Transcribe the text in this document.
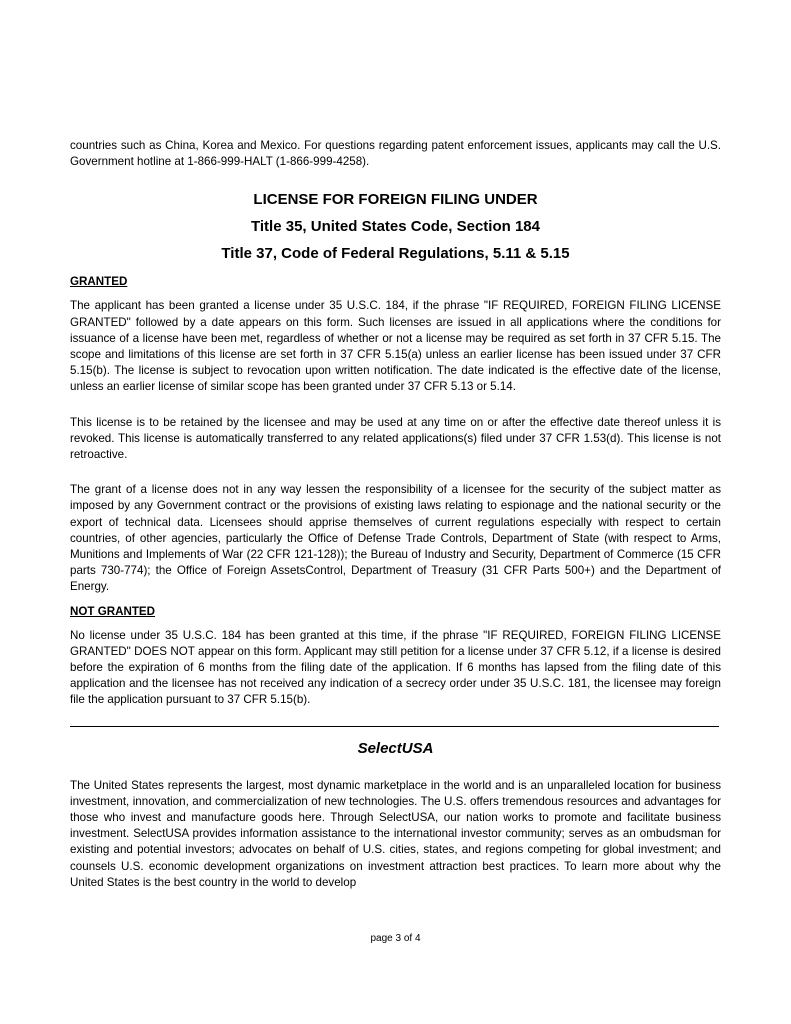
countries such as China, Korea and Mexico. For questions regarding patent enforcement issues, applicants may call the U.S. Government hotline at 1-866-999-HALT (1-866-999-4258).

LICENSE FOR FOREIGN FILING UNDER
Title 35, United States Code, Section 184
Title 37, Code of Federal Regulations, 5.11 & 5.15
GRANTED

The applicant has been granted a license under 35 U.S.C. 184, if the phrase "IF REQUIRED, FOREIGN FILING LICENSE GRANTED" followed by a date appears on this form. Such licenses are issued in all applications where the conditions for issuance of a license have been met, regardless of whether or not a license may be required as set forth in 37 CFR 5.15. The scope and limitations of this license are set forth in 37 CFR 5.15(a) unless an earlier license has been issued under 37 CFR 5.15(b). The license is subject to revocation upon written notification. The date indicated is the effective date of the license, unless an earlier license of similar scope has been granted under 37 CFR 5.13 or 5.14.

This license is to be retained by the licensee and may be used at any time on or after the effective date thereof unless it is revoked. This license is automatically transferred to any related applications(s) filed under 37 CFR 1.53(d). This license is not retroactive.

The grant of a license does not in any way lessen the responsibility of a licensee for the security of the subject matter as imposed by any Government contract or the provisions of existing laws relating to espionage and the national security or the export of technical data. Licensees should apprise themselves of current regulations especially with respect to certain countries, of other agencies, particularly the Office of Defense Trade Controls, Department of State (with respect to Arms, Munitions and Implements of War (22 CFR 121-128)); the Bureau of Industry and Security, Department of Commerce (15 CFR parts 730-774); the Office of Foreign AssetsControl, Department of Treasury (31 CFR Parts 500+) and the Department of Energy.

NOT GRANTED

No license under 35 U.S.C. 184 has been granted at this time, if the phrase "IF REQUIRED, FOREIGN FILING LICENSE GRANTED" DOES NOT appear on this form. Applicant may still petition for a license under 37 CFR 5.12, if a license is desired before the expiration of 6 months from the filing date of the application. If 6 months has lapsed from the filing date of this application and the licensee has not received any indication of a secrecy order under 35 U.S.C. 181, the licensee may foreign file the application pursuant to 37 CFR 5.15(b).

SelectUSA

The United States represents the largest, most dynamic marketplace in the world and is an unparalleled location for business investment, innovation, and commercialization of new technologies. The U.S. offers tremendous resources and advantages for those who invest and manufacture goods here. Through SelectUSA, our nation works to promote and facilitate business investment. SelectUSA provides information assistance to the international investor community; serves as an ombudsman for existing and potential investors; advocates on behalf of U.S. cities, states, and regions competing for global investment; and counsels U.S. economic development organizations on investment attraction best practices. To learn more about why the United States is the best country in the world to develop

page 3 of 4
